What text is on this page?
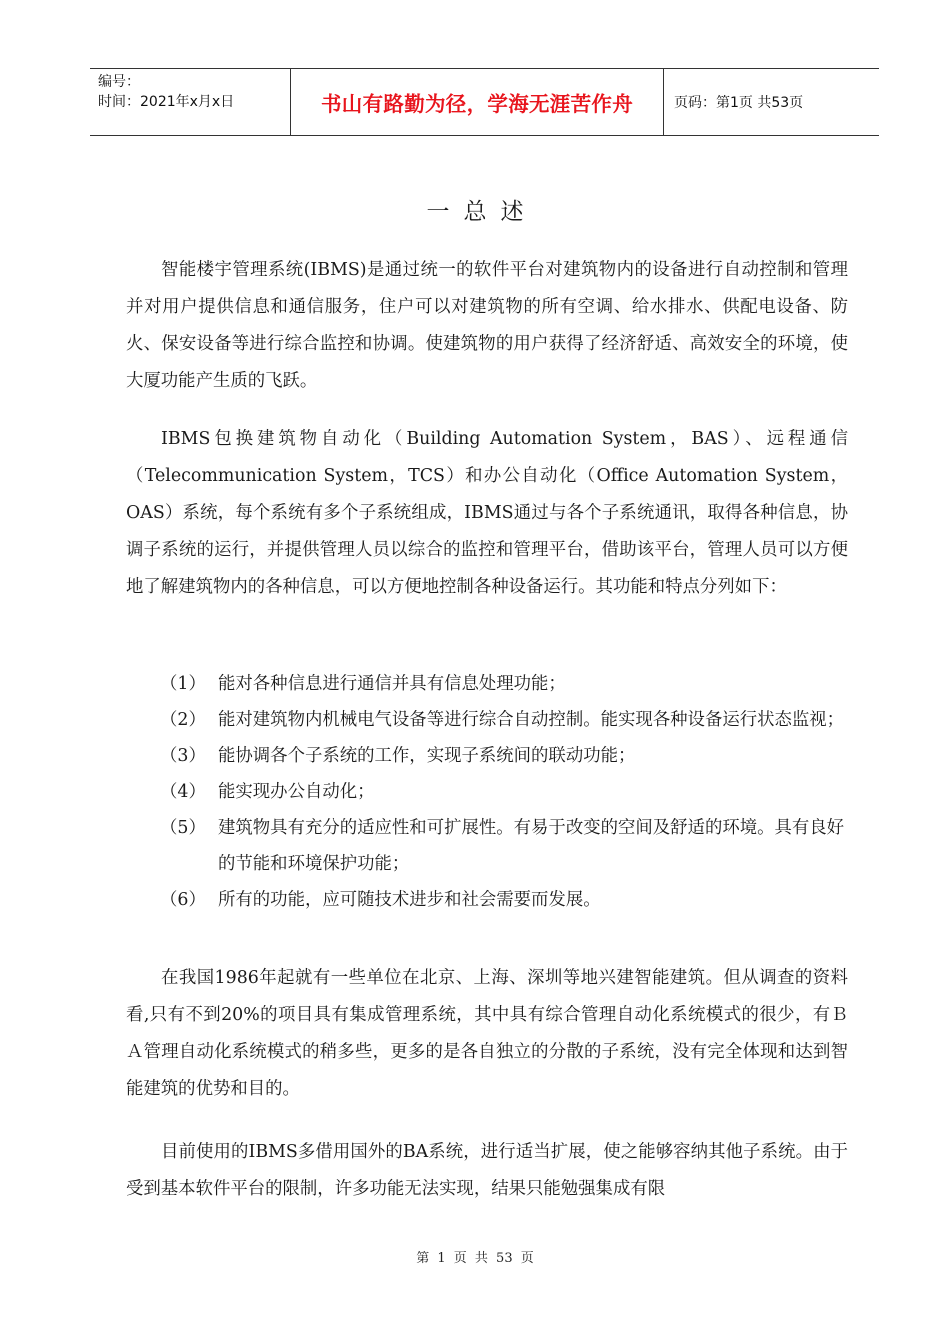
编号：
时间：2021年x月x日	书山有路勤为径，学海无涯苦作舟	页码：第1页 共53页
一总述

智能楼宇管理系统(IBMS)是通过统一的软件平台对建筑物内的设备进行自动控制和管理并对用户提供信息和通信服务，住户可以对建筑物的所有空调、给水排水、供配电设备、防火、保安设备等进行综合监控和协调。使建筑物的用户获得了经济舒适、高效安全的环境，使大厦功能产生质的飞跃。

IBMS包换建筑物自动化（Building Automation System，BAS）、远程通信（Telecommunication System，TCS）和办公自动化（Office Automation System，OAS）系统，每个系统有多个子系统组成，IBMS通过与各个子系统通讯，取得各种信息，协调子系统的运行，并提供管理人员以综合的监控和管理平台，借助该平台，管理人员可以方便地了解建筑物内的各种信息，可以方便地控制各种设备运行。其功能和特点分列如下：

（1） 能对各种信息进行通信并具有信息处理功能；
（2） 能对建筑物内机械电气设备等进行综合自动控制。能实现各种设备运行状态监视；
（3） 能协调各个子系统的工作，实现子系统间的联动功能；
（4） 能实现办公自动化；
（5） 建筑物具有充分的适应性和可扩展性。有易于改变的空间及舒适的环境。具有良好的节能和环境保护功能；
（6） 所有的功能，应可随技术进步和社会需要而发展。

在我国1986年起就有一些单位在北京、上海、深圳等地兴建智能建筑。但从调查的资料看,只有不到20%的项目具有集成管理系统，其中具有综合管理自动化系统模式的很少，有ＢＡ管理自动化系统模式的稍多些，更多的是各自独立的分散的子系统，没有完全体现和达到智能建筑的优势和目的。

目前使用的IBMS多借用国外的BA系统，进行适当扩展，使之能够容纳其他子系统。由于受到基本软件平台的限制，许多功能无法实现，结果只能勉强集成有限

第 1 页 共 53 页
